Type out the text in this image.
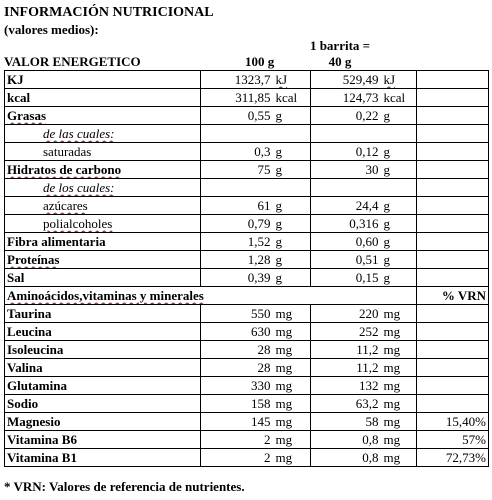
INFORMACIÓN NUTRICIONAL
(valores medios):
VALOR ENERGETICO	100 g
1 barrita = 40 g
KJ	1323,7	kJ	529,49	kJ	
kcal	311,85	kcal	124,73	kcal	
Grasas	0,55	g	0,22	g	
de las cuales:					
saturadas	0,3	g	0,12	g	
Hidratos de carbono	75	g	30	g	
de los cuales:					
azúcares	61	g	24,4	g	
polialcoholes	0,79	g	0,316	g	
Fibra alimentaria	1,52	g	0,60	g	
Proteínas	1,28	g	0,51	g	
Sal	0,39	g	0,15	g	
Aminoácidos,vitaminas y minerales					% VRN
Taurina	550	mg	220	mg	
Leucina	630	mg	252	mg	
Isoleucina	28	mg	11,2	mg	
Valina	28	mg	11,2	mg	
Glutamina	330	mg	132	mg	
Sodio	158	mg	63,2	mg	
Magnesio	145	mg	58	mg	15,40%
Vitamina B6	2	mg	0,8	mg	57%
Vitamina B1	2	mg	0,8	mg	72,73%
* VRN: Valores de referencia de nutrientes.
